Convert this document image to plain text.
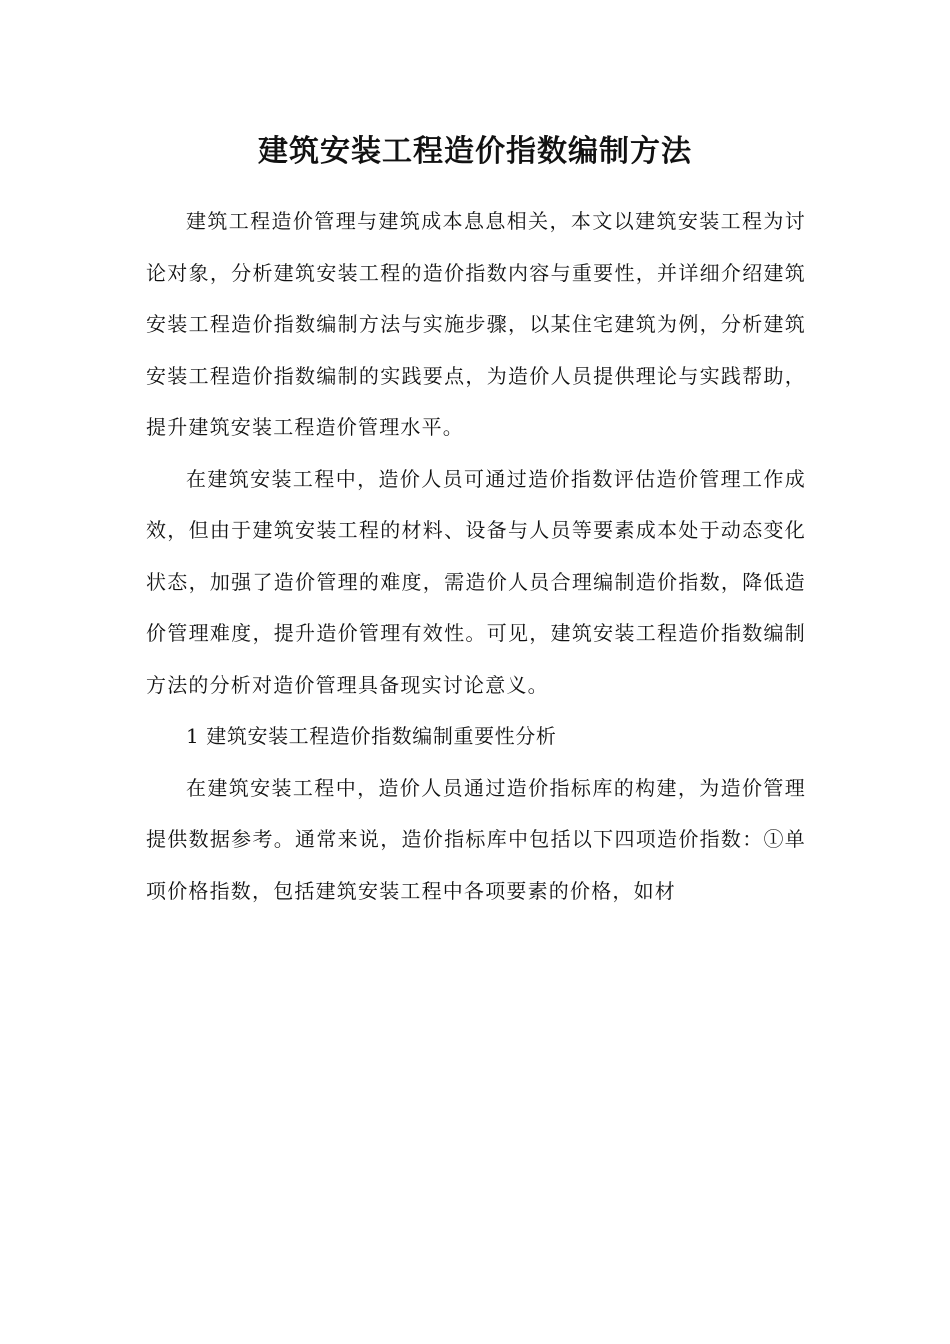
建筑安装工程造价指数编制方法

建筑工程造价管理与建筑成本息息相关，本文以建筑安装工程为讨论对象，分析建筑安装工程的造价指数内容与重要性，并详细介绍建筑安装工程造价指数编制方法与实施步骤，以某住宅建筑为例，分析建筑安装工程造价指数编制的实践要点，为造价人员提供理论与实践帮助，提升建筑安装工程造价管理水平。

在建筑安装工程中，造价人员可通过造价指数评估造价管理工作成效，但由于建筑安装工程的材料、设备与人员等要素成本处于动态变化状态，加强了造价管理的难度，需造价人员合理编制造价指数，降低造价管理难度，提升造价管理有效性。可见，建筑安装工程造价指数编制方法的分析对造价管理具备现实讨论意义。

1 建筑安装工程造价指数编制重要性分析

在建筑安装工程中，造价人员通过造价指标库的构建，为造价管理提供数据参考。通常来说，造价指标库中包括以下四项造价指数：①单项价格指数，包括建筑安装工程中各项要素的价格，如材
